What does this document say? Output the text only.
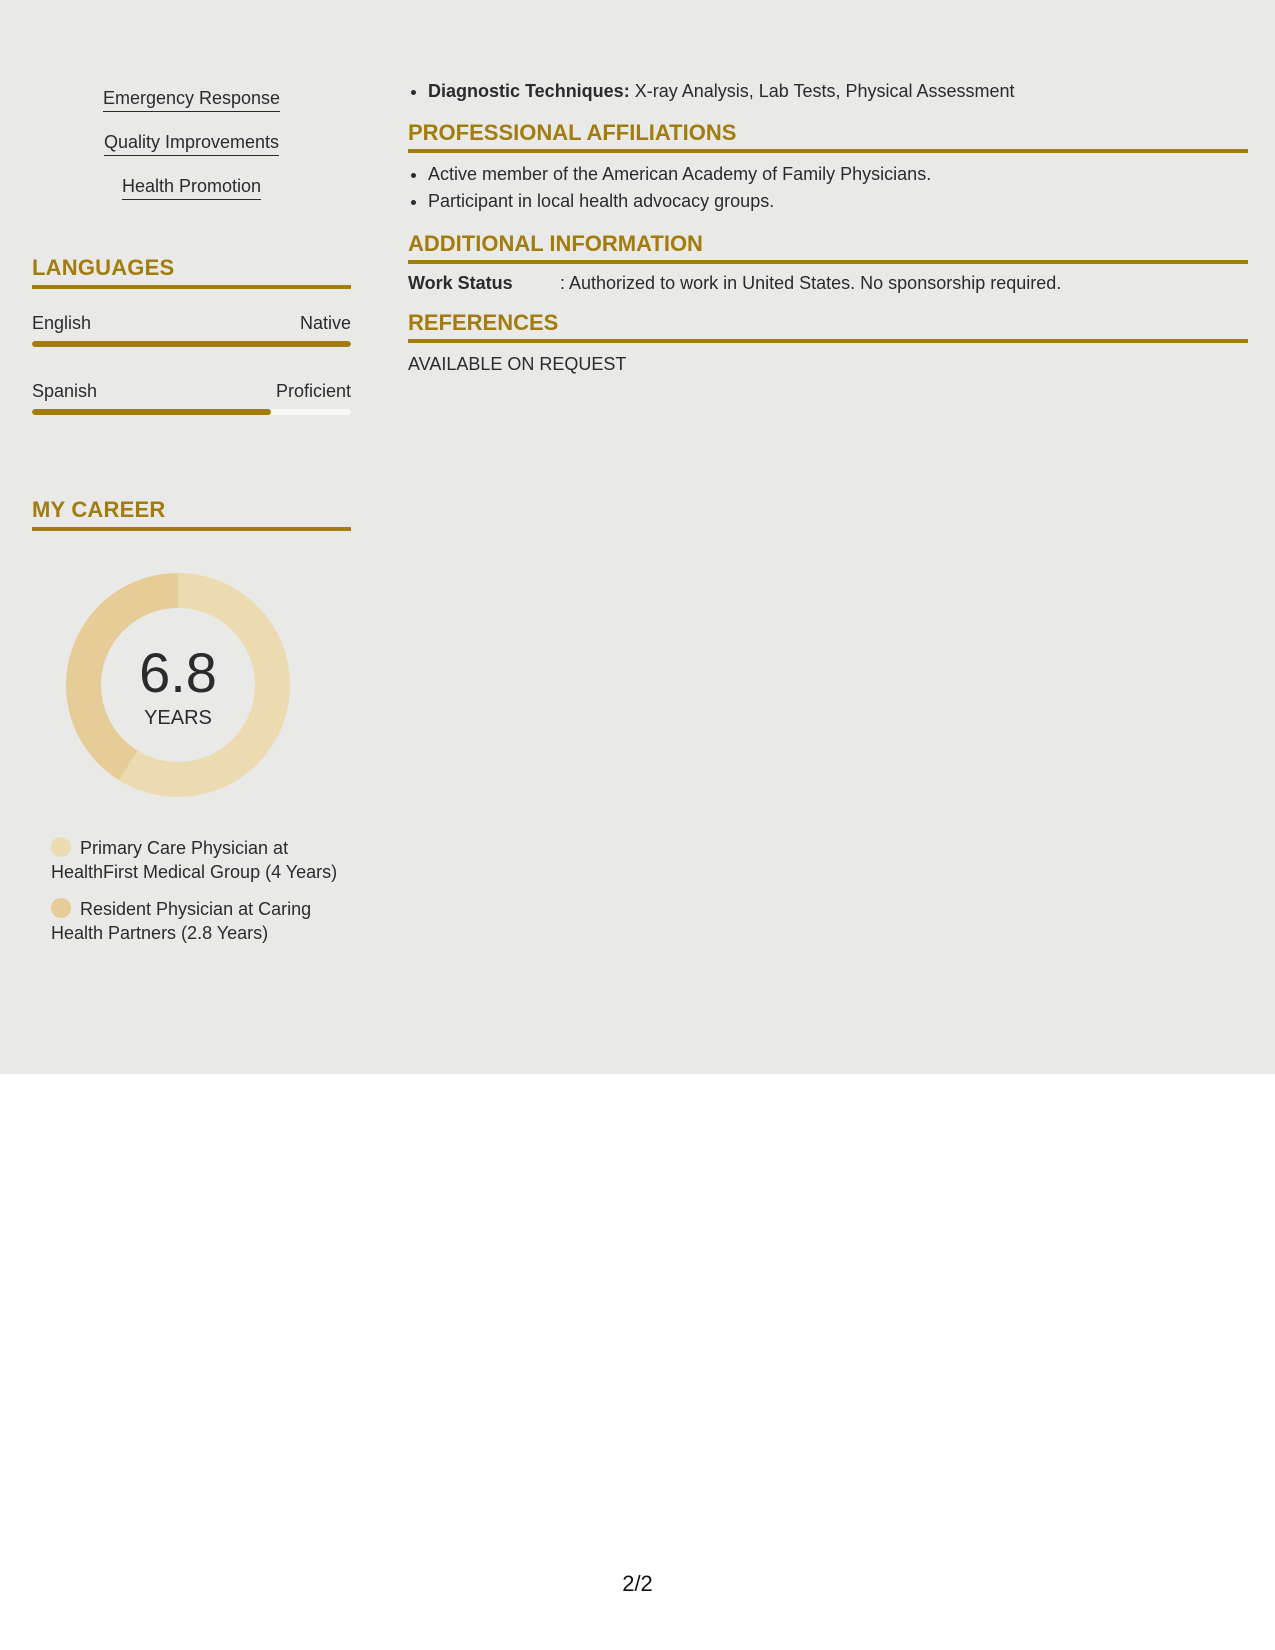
Emergency Response
Quality Improvements
Health Promotion
LANGUAGES
English	Native
Spanish	Proficient
MY CAREER
6.8
YEARS
Primary Care Physician at HealthFirst Medical Group (4 Years)
Resident Physician at Caring Health Partners (2.8 Years)
• Diagnostic Techniques: X-ray Analysis, Lab Tests, Physical Assessment
PROFESSIONAL AFFILIATIONS
• Active member of the American Academy of Family Physicians.
• Participant in local health advocacy groups.
ADDITIONAL INFORMATION
Work Status	: Authorized to work in United States. No sponsorship required.
REFERENCES
AVAILABLE ON REQUEST
2/2
